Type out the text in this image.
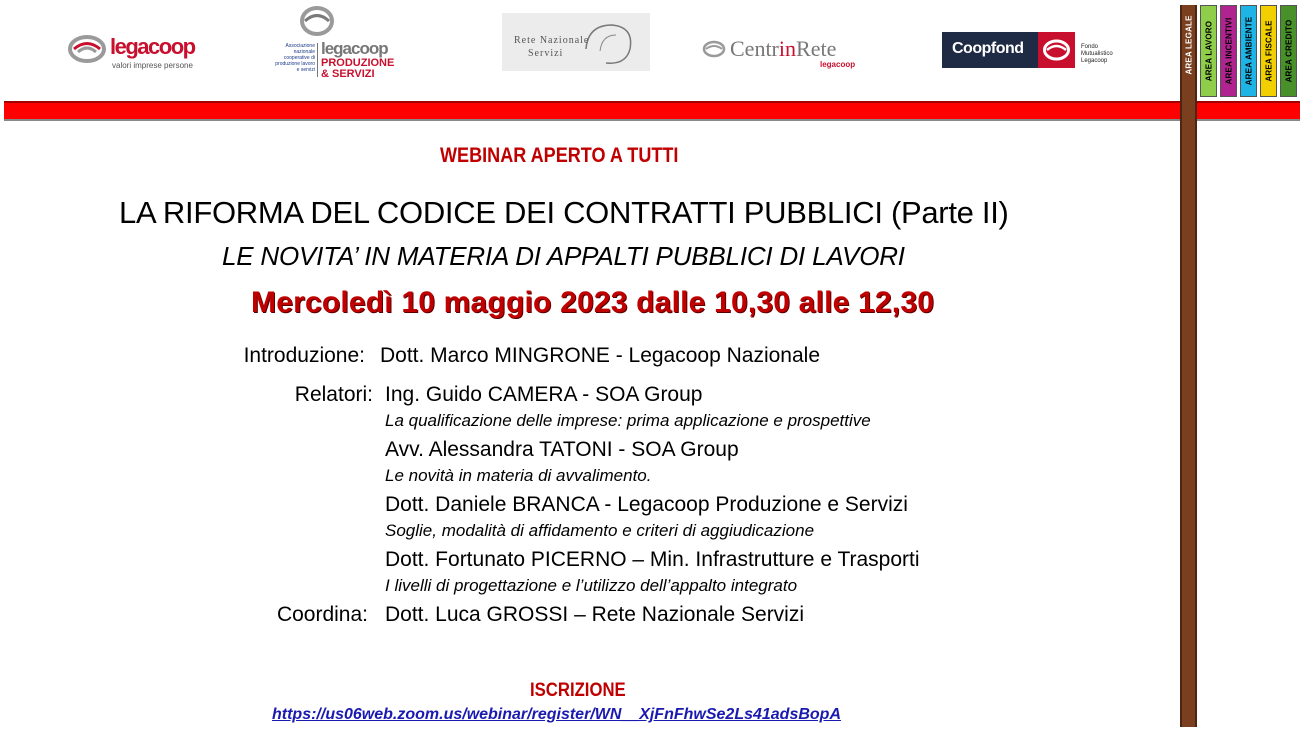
legacoop
valori imprese persone
Associazione nazionale cooperative di produzione lavoro e servizi
legacoop
PRODUZIONE
& SERVIZI
Rete Nazionale
Servizi	CentrinRete
legacoop
Coopfond	Fondo
Mutualistico
Legacoop	AREA LEGALE AREA LAVORO AREA INCENTIVI AREA AMBIENTE AREA FISCALE AREA CREDITO
WEBINAR APERTO A TUTTI
LA RIFORMA DEL CODICE DEI CONTRATTI PUBBLICI (Parte II)
LE NOVITA’ IN MATERIA DI APPALTI PUBBLICI DI LAVORI
Mercoledì 10 maggio 2023 dalle 10,30 alle 12,30
Introduzione: Dott. Marco MINGRONE - Legacoop Nazionale
Relatori: Ing. Guido CAMERA - SOA Group
La qualificazione delle imprese: prima applicazione e prospettive
Avv. Alessandra TATONI - SOA Group
Le novità in materia di avvalimento.
Dott. Daniele BRANCA - Legacoop Produzione e Servizi
Soglie, modalità di affidamento e criteri di aggiudicazione
Dott. Fortunato PICERNO – Min. Infrastrutture e Trasporti
I livelli di progettazione e l’utilizzo dell’appalto integrato
Coordina: Dott. Luca GROSSI – Rete Nazionale Servizi
ISCRIZIONE
https://us06web.zoom.us/webinar/register/WN__XjFnFhwSe2Ls41adsBopA
